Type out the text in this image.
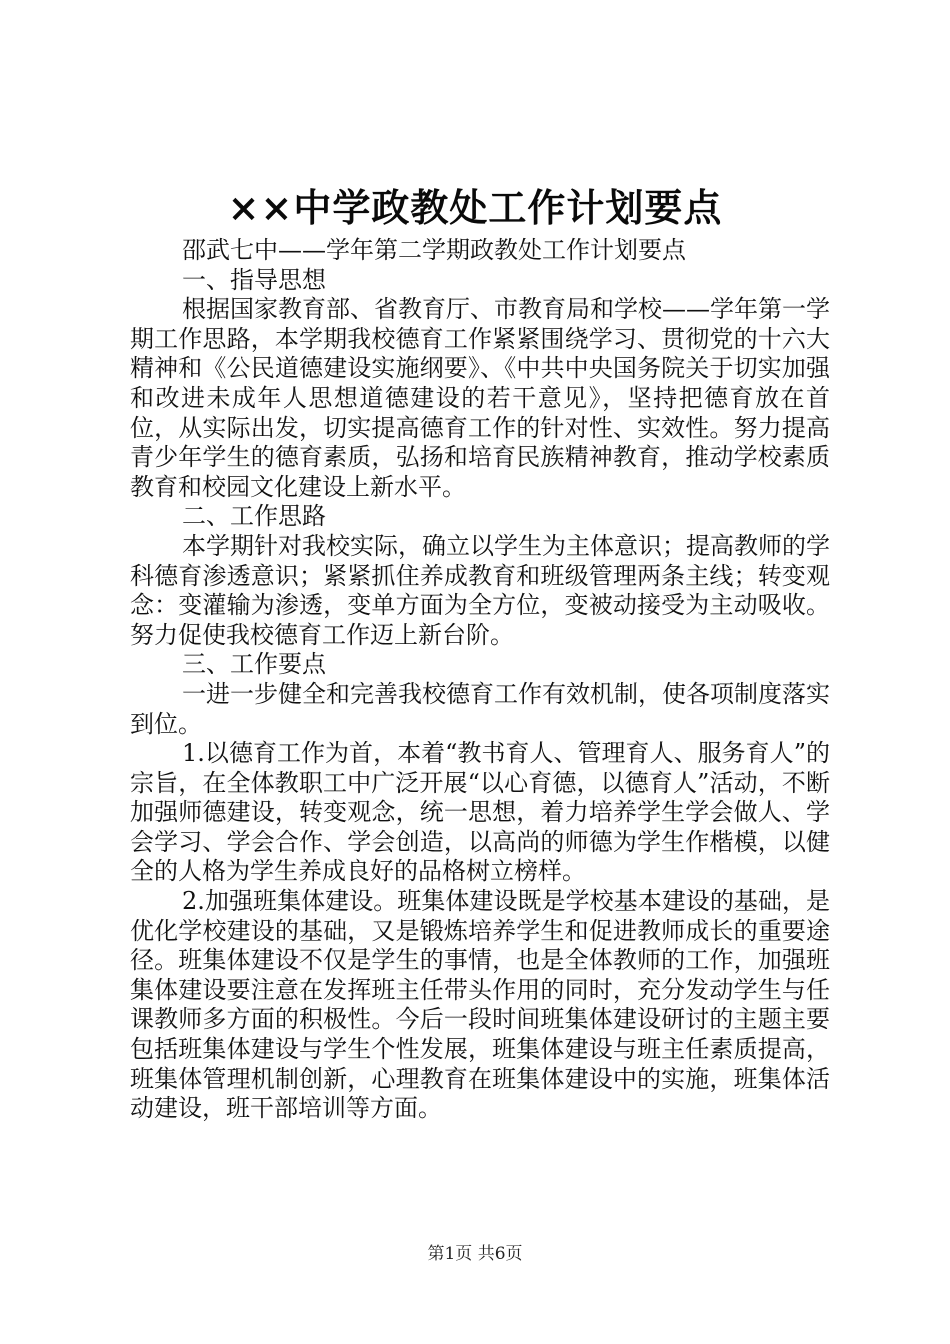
××中学政教处工作计划要点

邵武七中——学年第二学期政教处工作计划要点

一、指导思想

根据国家教育部、省教育厅、市教育局和学校——学年第一学期工作思路，本学期我校德育工作紧紧围绕学习、贯彻党的十六大精神和《公民道德建设实施纲要》、《中共中央国务院关于切实加强和改进未成年人思想道德建设的若干意见》，坚持把德育放在首位，从实际出发，切实提高德育工作的针对性、实效性。努力提高青少年学生的德育素质，弘扬和培育民族精神教育，推动学校素质教育和校园文化建设上新水平。

二、工作思路

本学期针对我校实际，确立以学生为主体意识；提高教师的学科德育渗透意识；紧紧抓住养成教育和班级管理两条主线；转变观念：变灌输为渗透，变单方面为全方位，变被动接受为主动吸收。努力促使我校德育工作迈上新台阶。

三、工作要点

一进一步健全和完善我校德育工作有效机制，使各项制度落实到位。

1.以德育工作为首，本着“教书育人、管理育人、服务育人”的宗旨，在全体教职工中广泛开展“以心育德，以德育人”活动，不断加强师德建设，转变观念，统一思想，着力培养学生学会做人、学会学习、学会合作、学会创造，以高尚的师德为学生作楷模，以健全的人格为学生养成良好的品格树立榜样。

2.加强班集体建设。班集体建设既是学校基本建设的基础，是优化学校建设的基础，又是锻炼培养学生和促进教师成长的重要途径。班集体建设不仅是学生的事情，也是全体教师的工作，加强班集体建设要注意在发挥班主任带头作用的同时，充分发动学生与任课教师多方面的积极性。今后一段时间班集体建设研讨的主题主要包括班集体建设与学生个性发展，班集体建设与班主任素质提高，班集体管理机制创新，心理教育在班集体建设中的实施，班集体活动建设，班干部培训等方面。

第1页 共6页
